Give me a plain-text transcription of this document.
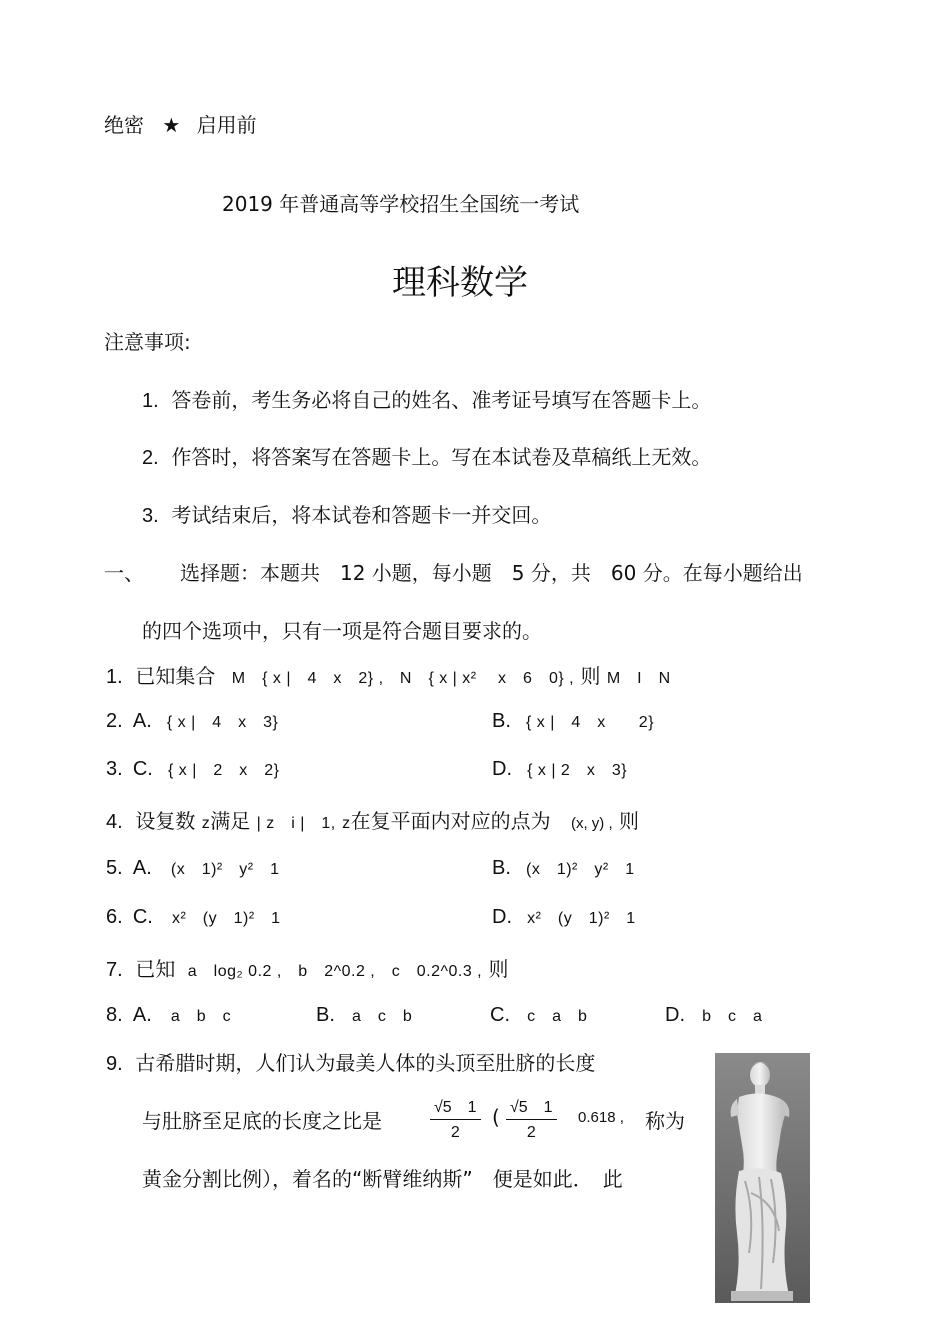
绝密 ★ 启用前
2019 年普通高等学校招生全国统一考试
理科数学
注意事项:
1. 答卷前，考生务必将自己的姓名、准考证号填写在答题卡上。
2. 作答时，将答案写在答题卡上。写在本试卷及草稿纸上无效。
3. 考试结束后，将本试卷和答题卡一并交回。
一、 选择题：本题共　12 小题，每小题　5 分，共　60 分。在每小题给出
的四个选项中，只有一项是符合题目要求的。
1. 已知集合 M　{ x |　4　x　2} , N　{ x | x² 　x　6　0} , 则 M　I　N
2. A. { x |　4　x　3}	B. { x |　4　x　　2}
3. C. { x |　2　x　2}	D. { x | 2　x　3}
4. 设复数 z满足 | z　i |　1, z在复平面内对应的点为 (x, y) , 则
5. A. (x　1)²　y²　1	B. (x　1)²　y²　1
6. C. x²　(y　1)²　1	D. x²　(y　1)²　1
7. 已知 a　log₂ 0.2 ,　b　2^0.2 ,　c　0.2^0.3 , 则
8. A. a　b　c	B. a　c　b	C. c　a　b	D. b　c　a
9. 古希腊时期，人们认为最美人体的头顶至肚脐的长度
与肚脐至足底的长度之比是	$\frac{√5 1}{2}$ ( $\frac{√5 1}{2} 0.618$ , 称为
黄金分割比例），着名的“断臂维纳斯”　便是如此．　此
